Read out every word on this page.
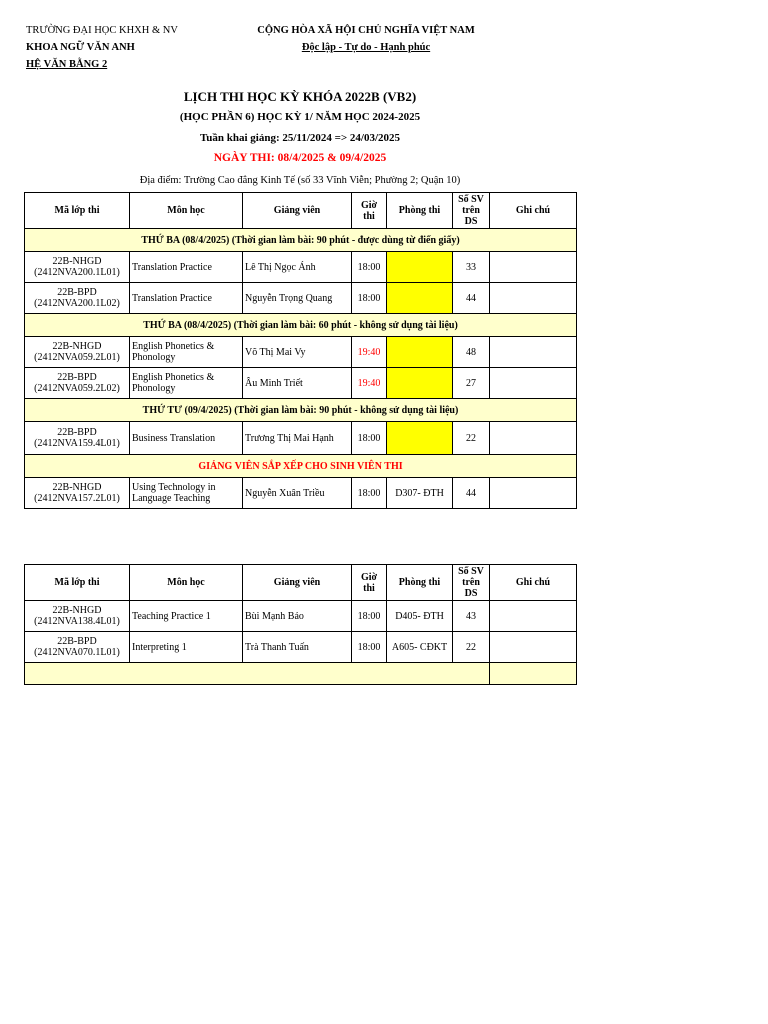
TRƯỜNG ĐẠI HỌC KHXH & NV
KHOA NGỮ VĂN ANH
HỆ VĂN BẰNG 2
CỘNG HÒA XÃ HỘI CHỦ NGHĨA VIỆT NAM
Độc lập - Tự do - Hạnh phúc
LỊCH THI HỌC KỲ KHÓA 2022B (VB2)
(HỌC PHẦN 6) HỌC KỲ 1/ NĂM HỌC 2024-2025
Tuần khai giảng: 25/11/2024 => 24/03/2025
NGÀY THI: 08/4/2025 & 09/4/2025
Địa điểm: Trường Cao đẳng Kinh Tế (số 33 Vĩnh Viễn; Phường 2; Quận 10)
Mã lớp thi	Môn học	Giảng viên	Giờ thi	Phòng thi	Số SV trên DS	Ghi chú
THỨ BA (08/4/2025) (Thời gian làm bài: 90 phút - được dùng từ điển giấy)						

22B-NHGD
(2412NVA200.1L01)	Translation Practice	Lê Thị Ngọc Ánh	18:00		33	

22B-BPD
(2412NVA200.1L02)	Translation Practice	Nguyễn Trọng Quang	18:00		44	
THỨ BA (08/4/2025) (Thời gian làm bài: 60 phút - không sử dụng tài liệu)						

22B-NHGD
(2412NVA059.2L01)	English Phonetics & Phonology	Võ Thị Mai Vy	19:40		48	

22B-BPD
(2412NVA059.2L02)	English Phonetics & Phonology	Âu Minh Triết	19:40		27	
THỨ TƯ (09/4/2025) (Thời gian làm bài: 90 phút - không sử dụng tài liệu)						

22B-BPD
(2412NVA159.4L01)	Business Translation	Trương Thị Mai Hạnh	18:00		22	
GIẢNG VIÊN SẮP XẾP CHO SINH VIÊN THI						

22B-NHGD
(2412NVA157.2L01)	Using Technology in Language Teaching	Nguyễn Xuân Triều	18:00	D307- ĐTH	44	
Mã lớp thi	Môn học	Giảng viên	Giờ thi	Phòng thi	Số SV trên DS	Ghi chú

22B-NHGD
(2412NVA138.4L01)	Teaching Practice 1	Bùi Mạnh Bảo	18:00	D405- ĐTH	43	

22B-BPD
(2412NVA070.1L01)	Interpreting 1	Trà Thanh Tuấn	18:00	A605- CĐKT	22	
